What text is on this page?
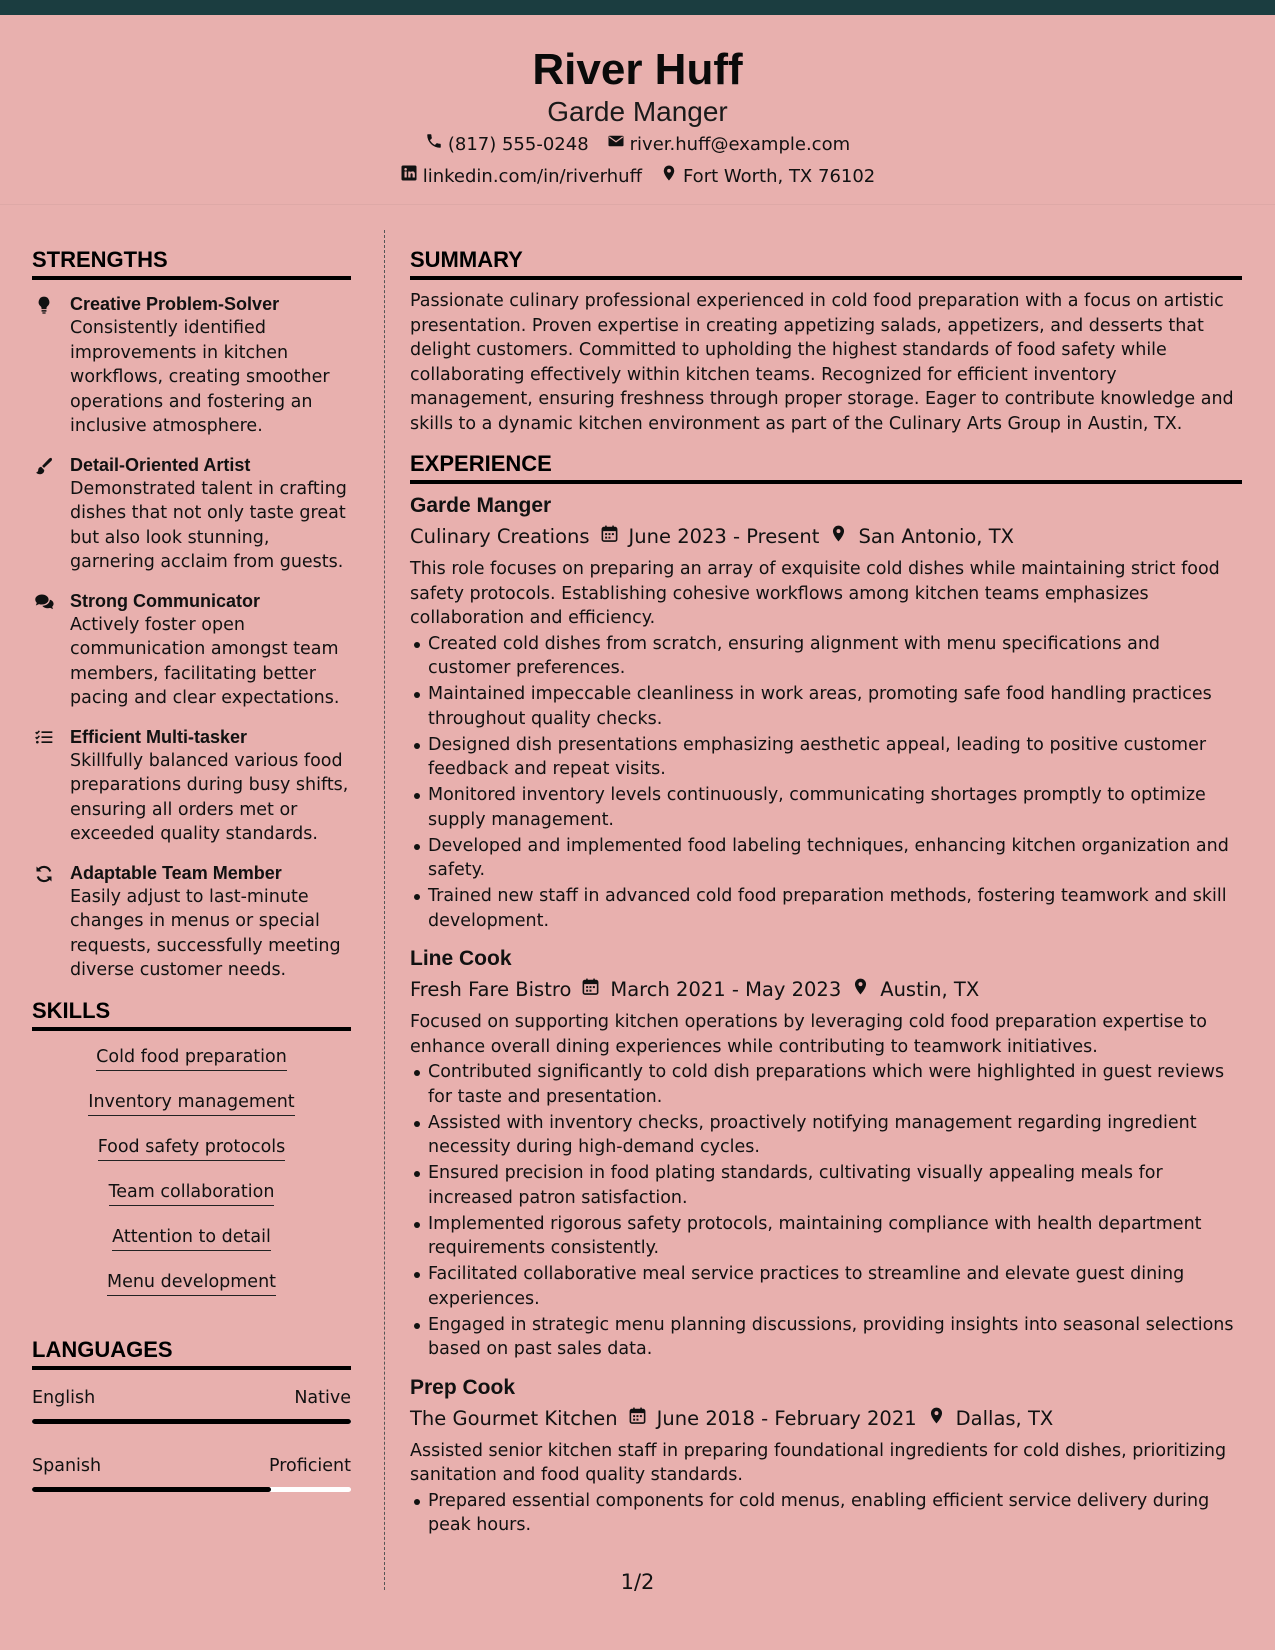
River Huff
Garde Manger
(817) 555-0248 river.huff@example.com
linkedin.com/in/riverhuff Fort Worth, TX 76102
STRENGTHS
Creative Problem-Solver
Consistently identified improvements in kitchen workflows, creating smoother operations and fostering an inclusive atmosphere.
Detail-Oriented Artist
Demonstrated talent in crafting dishes that not only taste great but also look stunning, garnering acclaim from guests.
Strong Communicator
Actively foster open communication amongst team members, facilitating better pacing and clear expectations.
Efficient Multi-tasker
Skillfully balanced various food preparations during busy shifts, ensuring all orders met or exceeded quality standards.
Adaptable Team Member
Easily adjust to last-minute changes in menus or special requests, successfully meeting diverse customer needs.
SKILLS
Cold food preparation
Inventory management
Food safety protocols
Team collaboration
Attention to detail
Menu development
LANGUAGES
English	Native
Spanish	Proficient
SUMMARY

Passionate culinary professional experienced in cold food preparation with a focus on artistic presentation. Proven expertise in creating appetizing salads, appetizers, and desserts that delight customers. Committed to upholding the highest standards of food safety while collaborating effectively within kitchen teams. Recognized for efficient inventory management, ensuring freshness through proper storage. Eager to contribute knowledge and skills to a dynamic kitchen environment as part of the Culinary Arts Group in Austin, TX.

EXPERIENCE
Garde Manger
Culinary Creations June 2023 - Present San Antonio, TX

This role focuses on preparing an array of exquisite cold dishes while maintaining strict food safety protocols. Establishing cohesive workflows among kitchen teams emphasizes collaboration and efficiency.

Created cold dishes from scratch, ensuring alignment with menu specifications and customer preferences.
Maintained impeccable cleanliness in work areas, promoting safe food handling practices throughout quality checks.
Designed dish presentations emphasizing aesthetic appeal, leading to positive customer feedback and repeat visits.
Monitored inventory levels continuously, communicating shortages promptly to optimize supply management.
Developed and implemented food labeling techniques, enhancing kitchen organization and safety.
Trained new staff in advanced cold food preparation methods, fostering teamwork and skill development.
Line Cook
Fresh Fare Bistro March 2021 - May 2023 Austin, TX

Focused on supporting kitchen operations by leveraging cold food preparation expertise to enhance overall dining experiences while contributing to teamwork initiatives.

Contributed significantly to cold dish preparations which were highlighted in guest reviews for taste and presentation.
Assisted with inventory checks, proactively notifying management regarding ingredient necessity during high-demand cycles.
Ensured precision in food plating standards, cultivating visually appealing meals for increased patron satisfaction.
Implemented rigorous safety protocols, maintaining compliance with health department requirements consistently.
Facilitated collaborative meal service practices to streamline and elevate guest dining experiences.
Engaged in strategic menu planning discussions, providing insights into seasonal selections based on past sales data.
Prep Cook
The Gourmet Kitchen June 2018 - February 2021 Dallas, TX

Assisted senior kitchen staff in preparing foundational ingredients for cold dishes, prioritizing sanitation and food quality standards.

Prepared essential components for cold menus, enabling efficient service delivery during peak hours.
1/2
